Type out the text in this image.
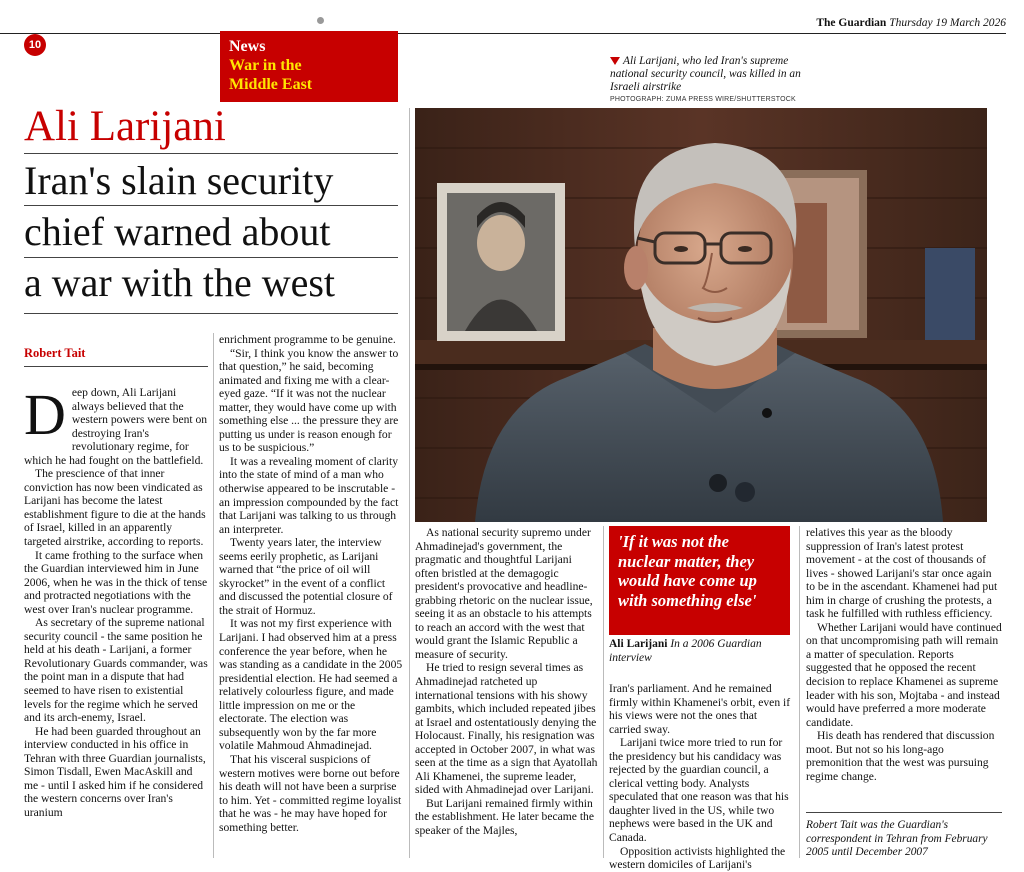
The Guardian Thursday 19 March 2026
10	News
War in the
Middle East
Ali Larijani
Iran's slain security
chief warned about
a war with the west
Robert Tait

Deep down, Ali Larijani always believed that the western powers were bent on destroying Iran's revolutionary regime, for which he had fought on the battlefield.

The prescience of that inner conviction has now been vindicated as Larijani has become the latest establishment figure to die at the hands of Israel, killed in an apparently targeted airstrike, according to reports.

It came frothing to the surface when the Guardian interviewed him in June 2006, when he was in the thick of tense and protracted negotiations with the west over Iran's nuclear programme.

As secretary of the supreme national security council - the same position he held at his death - Larijani, a former Revolutionary Guards commander, was the point man in a dispute that had seemed to have risen to existential levels for the regime which he served and its arch-enemy, Israel.

He had been guarded throughout an interview conducted in his office in Tehran with three Guardian journalists, Simon Tisdall, Ewen MacAskill and me - until I asked him if he considered the western concerns over Iran's uranium

enrichment programme to be genuine.

“Sir, I think you know the answer to that question,” he said, becoming animated and fixing me with a clear-eyed gaze. “If it was not the nuclear matter, they would have come up with something else ... the pressure they are putting us under is reason enough for us to be suspicious.”

It was a revealing moment of clarity into the state of mind of a man who otherwise appeared to be inscrutable - an impression compounded by the fact that Larijani was talking to us through an interpreter.

Twenty years later, the interview seems eerily prophetic, as Larijani warned that “the price of oil will skyrocket” in the event of a conflict and discussed the potential closure of the strait of Hormuz.

It was not my first experience with Larijani. I had observed him at a press conference the year before, when he was standing as a candidate in the 2005 presidential election. He had seemed a relatively colourless figure, and made little impression on me or the electorate. The election was subsequently won by the far more volatile Mahmoud Ahmadinejad.

That his visceral suspicions of western motives were borne out before his death will not have been a surprise to him. Yet - committed regime loyalist that he was - he may have hoped for something better.

Ali Larijani, who led Iran's supreme national security council, was killed in an Israeli airstrike
PHOTOGRAPH: ZUMA PRESS WIRE/SHUTTERSTOCK

As national security supremo under Ahmadinejad's government, the pragmatic and thoughtful Larijani often bristled at the demagogic president's provocative and headline-grabbing rhetoric on the nuclear issue, seeing it as an obstacle to his attempts to reach an accord with the west that would grant the Islamic Republic a measure of security.

He tried to resign several times as Ahmadinejad ratcheted up international tensions with his showy gambits, which included repeated jibes at Israel and ostentatiously denying the Holocaust. Finally, his resignation was accepted in October 2007, in what was seen at the time as a sign that Ayatollah Ali Khamenei, the supreme leader, sided with Ahmadinejad over Larijani.

But Larijani remained firmly within the establishment. He later became the speaker of the Majles,

'If it was not the nuclear matter, they would have come up with something else'
Ali Larijani In a 2006 Guardian interview

Iran's parliament. And he remained firmly within Khamenei's orbit, even if his views were not the ones that carried sway.

Larijani twice more tried to run for the presidency but his candidacy was rejected by the guardian council, a clerical vetting body. Analysts speculated that one reason was that his daughter lived in the US, while two nephews were based in the UK and Canada.

Opposition activists highlighted the western domiciles of Larijani's

relatives this year as the bloody suppression of Iran's latest protest movement - at the cost of thousands of lives - showed Larijani's star once again to be in the ascendant. Khamenei had put him in charge of crushing the protests, a task he fulfilled with ruthless efficiency.

Whether Larijani would have continued on that uncompromising path will remain a matter of speculation. Reports suggested that he opposed the recent decision to replace Khamenei as supreme leader with his son, Mojtaba - and instead would have preferred a more moderate candidate.

His death has rendered that discussion moot. But not so his long-ago premonition that the west was pursuing regime change.

Robert Tait was the Guardian's correspondent in Tehran from February 2005 until December 2007
